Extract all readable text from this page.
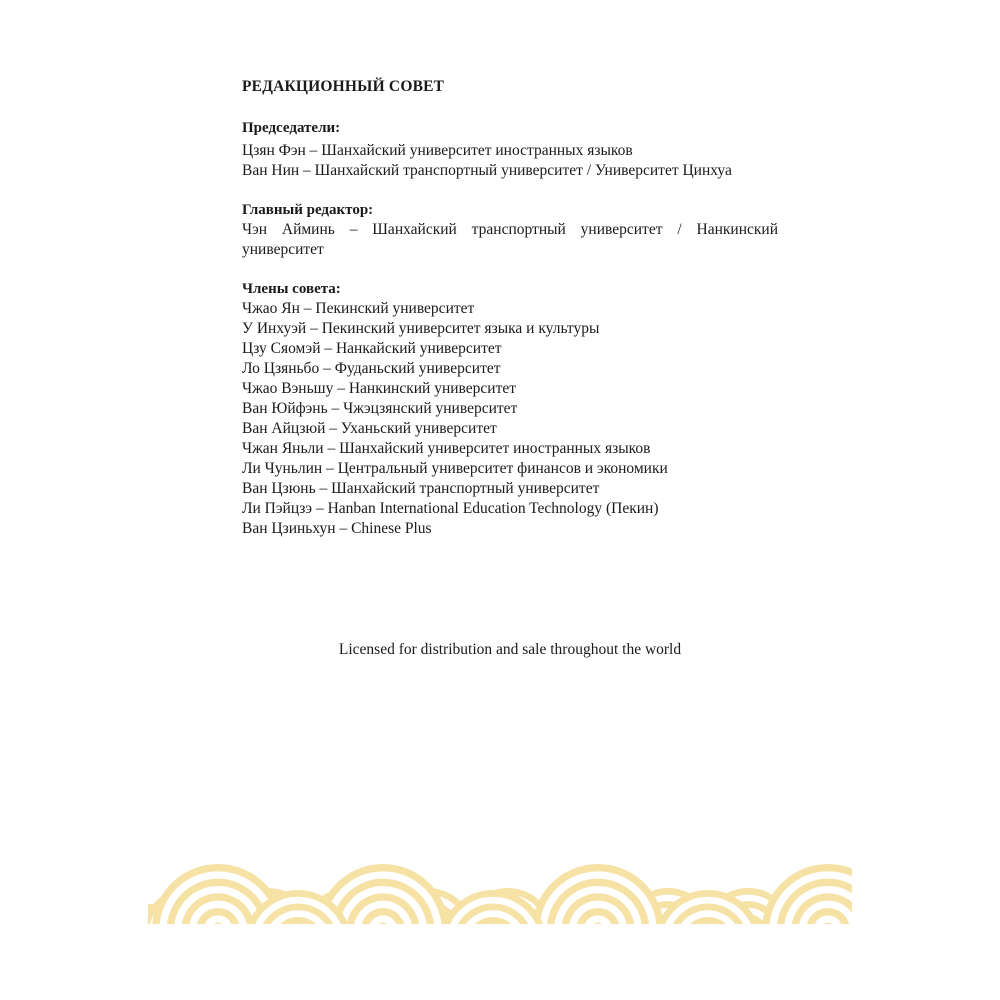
РЕДАКЦИОННЫЙ СОВЕТ

Председатели:

Цзян Фэн – Шанхайский университет иностранных языков

Ван Нин – Шанхайский транспортный университет / Университет Цинхуа

Главный редактор:

Чэн Айминь – Шанхайский транспортный университет / Нанкинский университет

Члены совета:

Чжао Ян – Пекинский университет

У Инхуэй – Пекинский университет языка и культуры

Цзу Сяомэй – Нанкайский университет

Ло Цзяньбо – Фуданьский университет

Чжао Вэньшу – Нанкинский университет

Ван Юйфэнь – Чжэцзянский университет

Ван Айцзюй – Уханьский университет

Чжан Яньли – Шанхайский университет иностранных языков

Ли Чуньлин – Центральный университет финансов и экономики

Ван Цзюнь – Шанхайский транспортный университет

Ли Пэйцзэ – Hanban International Education Technology (Пекин)

Ван Цзиньхун – Chinese Plus

Licensed for distribution and sale throughout the world
